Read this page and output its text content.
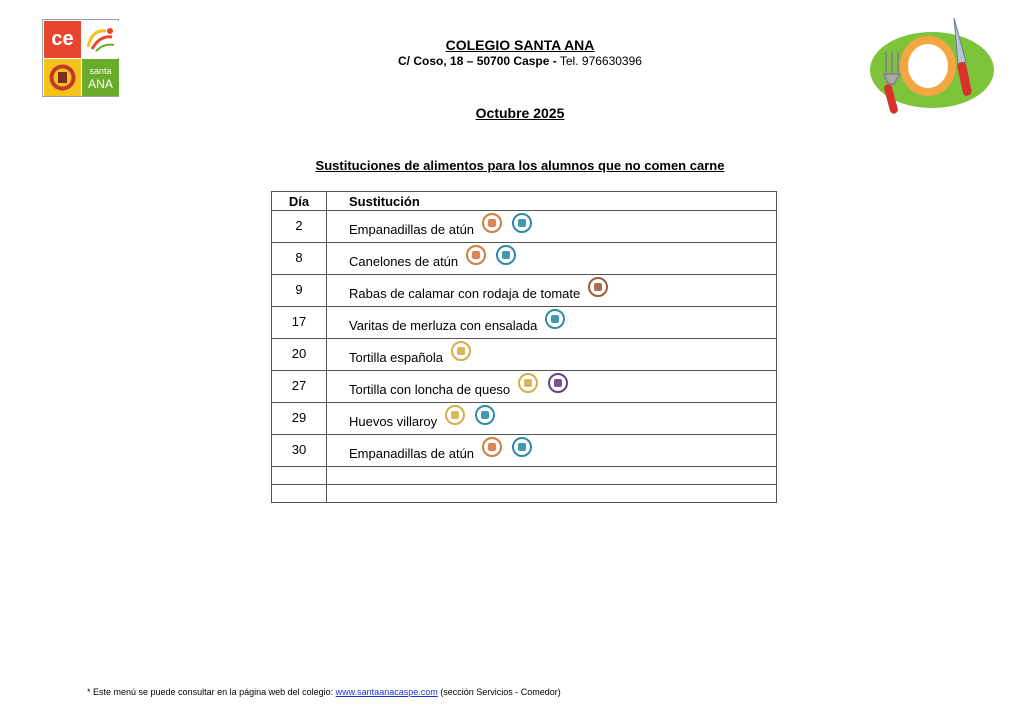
ce
santa
ANA
COLEGIO SANTA ANA
C/ Coso, 18 – 50700 Caspe - Tel. 976630396
Octubre 2025
Sustituciones de alimentos para los alumnos que no comen carne
Día	Sustitución
2	Empanadillas de atún
8	Canelones de atún
9	Rabas de calamar con rodaja de tomate
17	Varitas de merluza con ensalada
20	Tortilla española
27	Tortilla con loncha de queso
29	Huevos villaroy
30	Empanadillas de atún

* Este menú se puede consultar en la página web del colegio: www.santaanacaspe.com (sección Servicios - Comedor)
